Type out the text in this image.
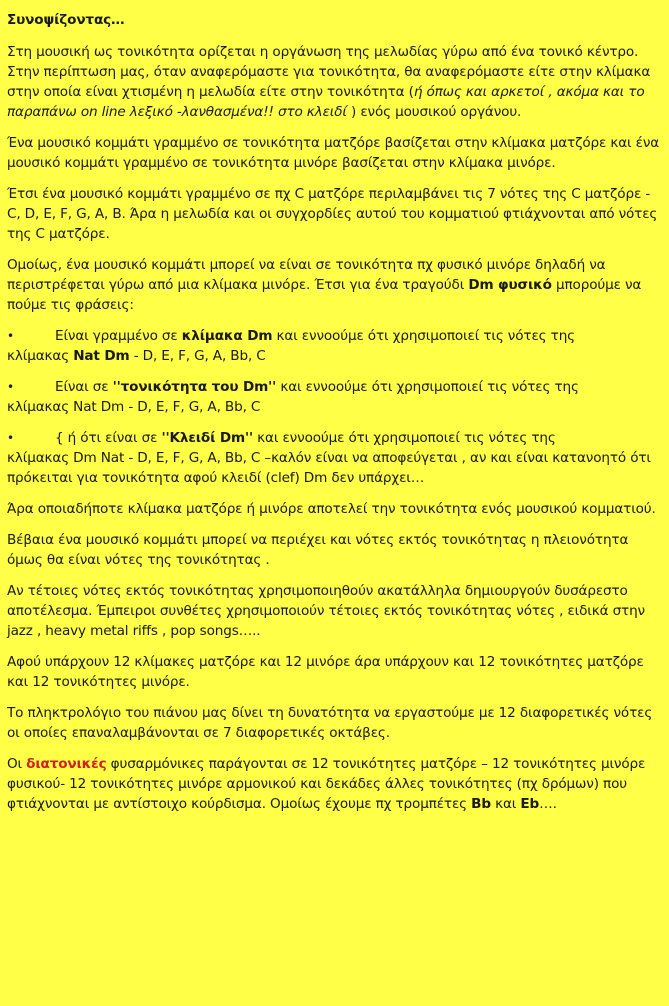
Συνοψίζοντας…

Στη μουσική ως τονικότητα ορίζεται η οργάνωση της μελωδίας γύρω από ένα τονικό κέντρο. Στην περίπτωση μας, όταν αναφερόμαστε για τονικότητα, θα αναφερόμαστε είτε στην κλίμακα στην οποία είναι χτισμένη η μελωδία είτε στην τονικότητα (ή όπως και αρκετοί , ακόμα και το παραπάνω on line λεξικό -λανθασμένα!! στο κλειδί ) ενός μουσικού οργάνου.

Ένα μουσικό κομμάτι γραμμένο σε τονικότητα ματζόρε βασίζεται στην κλίμακα ματζόρε και ένα μουσικό κομμάτι γραμμένο σε τονικότητα μινόρε βασίζεται στην κλίμακα μινόρε.

Έτσι ένα μουσικό κομμάτι γραμμένο σε πχ C ματζόρε περιλαμβάνει τις 7 νότες της C ματζόρε - C, D, E, F, G, A, B. Άρα η μελωδία και οι συγχορδίες αυτού του κομματιού φτιάχνονται από νότες της C ματζόρε.

Ομοίως, ένα μουσικό κομμάτι μπορεί να είναι σε τονικότητα πχ φυσικό μινόρε δηλαδή να περιστρέφεται γύρω από μια κλίμακα μινόρε. Έτσι για ένα τραγούδι Dm φυσικό μπορούμε να πούμε τις φράσεις:

•	Είναι γραμμένο σε κλίμακα Dm και εννοούμε ότι χρησιμοποιεί τις νότες της
κλίμακας Nat Dm - D, E, F, G, A, Bb, C
•	Είναι σε ''τονικότητα του Dm'' και εννοούμε ότι χρησιμοποιεί τις νότες της
κλίμακας Nat Dm - D, E, F, G, A, Bb, C
•	{ ή ότι είναι σε ''Κλειδί Dm'' και εννοούμε ότι χρησιμοποιεί τις νότες της
κλίμακας Dm Nat - D, E, F, G, A, Bb, C –καλόν είναι να αποφεύγεται , αν και είναι κατανοητό ότι πρόκειται για τονικότητα αφού κλειδί (clef) Dm δεν υπάρχει…

Άρα οποιαδήποτε κλίμακα ματζόρε ή μινόρε αποτελεί την τονικότητα ενός μουσικού κομματιού.

Βέβαια ένα μουσικό κομμάτι μπορεί να περιέχει και νότες εκτός τονικότητας η πλειονότητα όμως θα είναι νότες της τονικότητας .

Αν τέτοιες νότες εκτός τονικότητας χρησιμοποιηθούν ακατάλληλα δημιουργούν δυσάρεστο αποτέλεσμα. Έμπειροι συνθέτες χρησιμοποιούν τέτοιες εκτός τονικότητας νότες , ειδικά στην jazz , heavy metal riffs , pop songs…..

Αφού υπάρχουν 12 κλίμακες ματζόρε και 12 μινόρε άρα υπάρχουν και 12 τονικότητες ματζόρε και 12 τονικότητες μινόρε.

Το πληκτρολόγιο του πιάνου μας δίνει τη δυνατότητα να εργαστούμε με 12 διαφορετικές νότες οι οποίες επαναλαμβάνονται σε 7 διαφορετικές οκτάβες.

Οι διατονικές φυσαρμόνικες παράγονται σε 12 τονικότητες ματζόρε – 12 τονικότητες μινόρε φυσικού- 12 τονικότητες μινόρε αρμονικού και δεκάδες άλλες τονικότητες (πχ δρόμων) που φτιάχνονται με αντίστοιχο κούρδισμα. Ομοίως έχουμε πχ τρομπέτες Bb και Eb….
